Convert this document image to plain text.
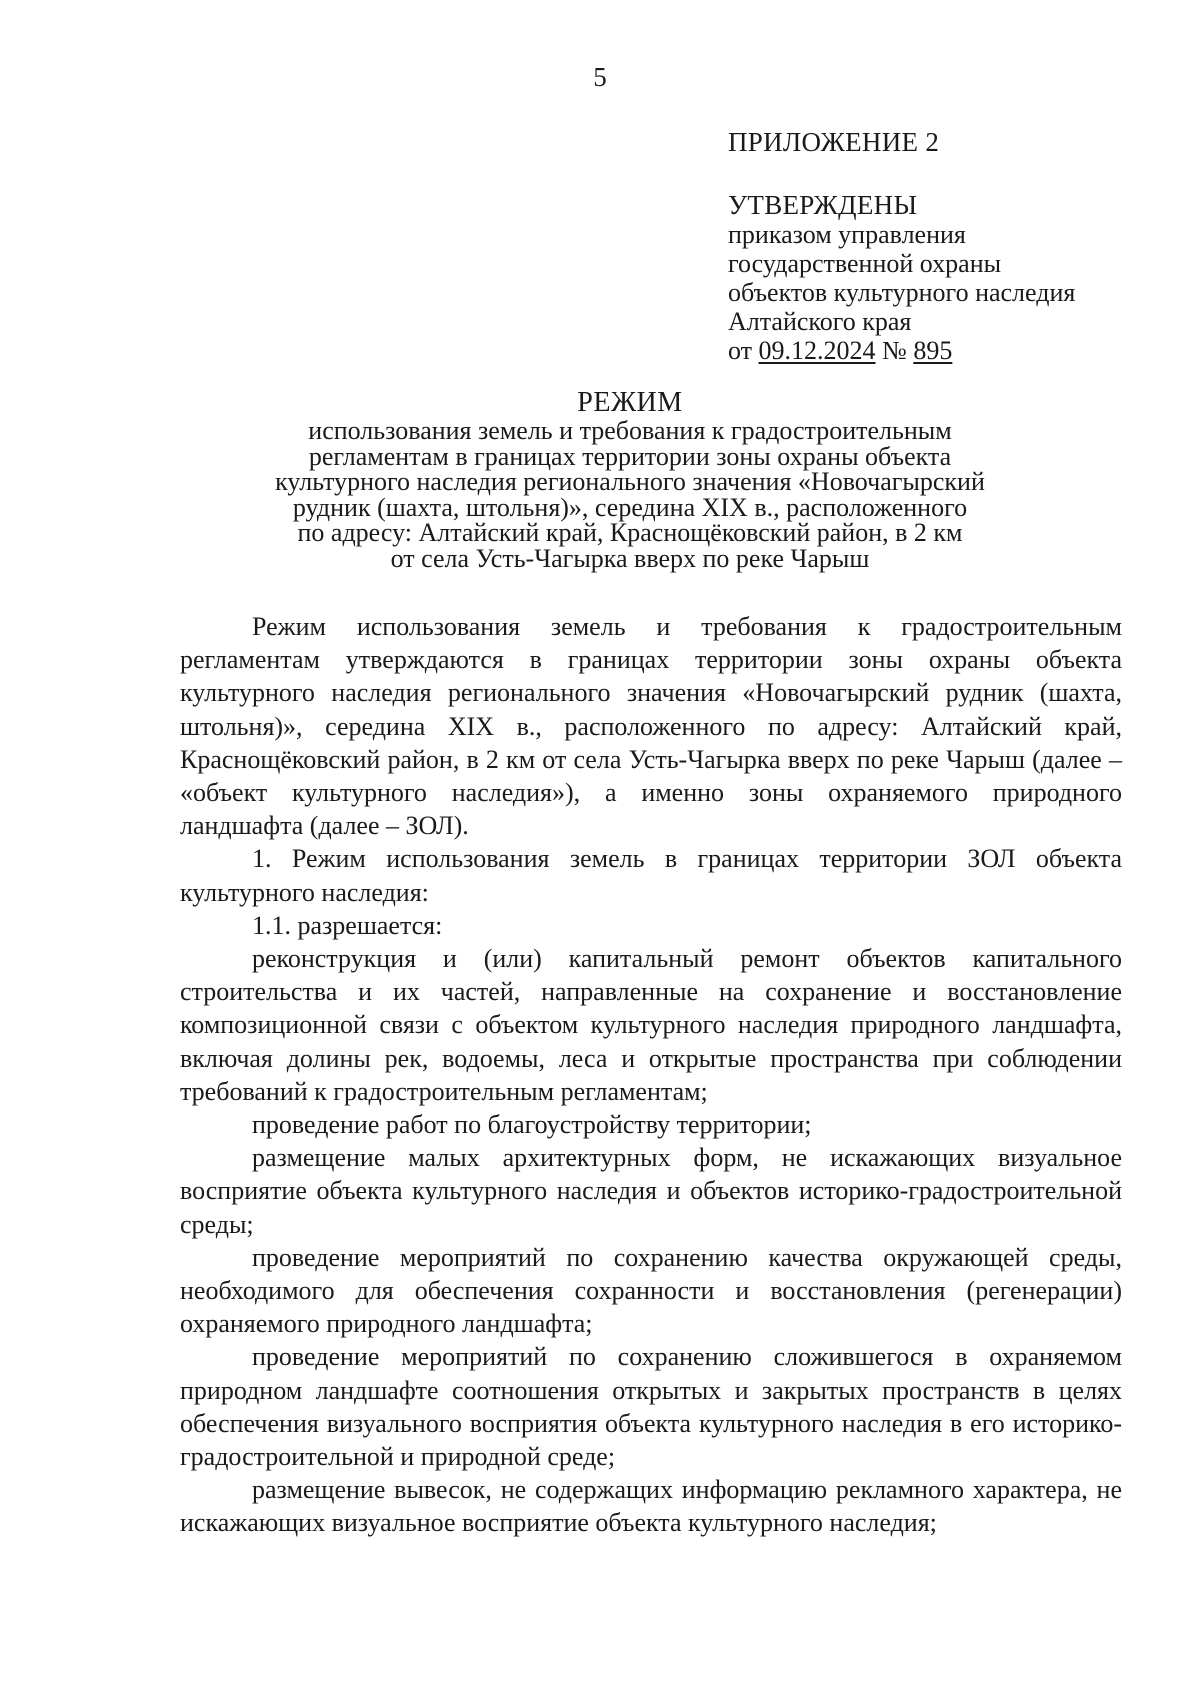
5
ПРИЛОЖЕНИЕ 2
УТВЕРЖДЕНЫ
приказом управления
государственной охраны
объектов культурного наследия
Алтайского края
от 09.12.2024 № 895
РЕЖИМ
использования земель и требования к градостроительным
регламентам в границах территории зоны охраны объекта
культурного наследия регионального значения «Новочагырский
рудник (шахта, штольня)», середина XIX в., расположенного
по адресу: Алтайский край, Краснощёковский район, в 2 км
от села Усть-Чагырка вверх по реке Чарыш

Режим использования земель и требования к градостроительным регламентам утверждаются в границах территории зоны охраны объекта культурного наследия регионального значения «Новочагырский рудник (шахта, штольня)», середина XIX в., расположенного по адресу: Алтайский край, Краснощёковский район, в 2 км от села Усть-Чагырка вверх по реке Чарыш (далее – «объект культурного наследия»), а именно зоны охраняемого природного ландшафта (далее – ЗОЛ).

1. Режим использования земель в границах территории ЗОЛ объекта культурного наследия:

1.1. разрешается:

реконструкция и (или) капитальный ремонт объектов капитального строительства и их частей, направленные на сохранение и восстановление композиционной связи с объектом культурного наследия природного ландшафта, включая долины рек, водоемы, леса и открытые пространства при соблюдении требований к градостроительным регламентам;

проведение работ по благоустройству территории;

размещение малых архитектурных форм, не искажающих визуальное восприятие объекта культурного наследия и объектов историко-градостроительной среды;

проведение мероприятий по сохранению качества окружающей среды, необходимого для обеспечения сохранности и восстановления (регенерации) охраняемого природного ландшафта;

проведение мероприятий по сохранению сложившегося в охраняемом природном ландшафте соотношения открытых и закрытых пространств в целях обеспечения визуального восприятия объекта культурного наследия в его историко-градостроительной и природной среде;

размещение вывесок, не содержащих информацию рекламного характера, не искажающих визуальное восприятие объекта культурного наследия;
